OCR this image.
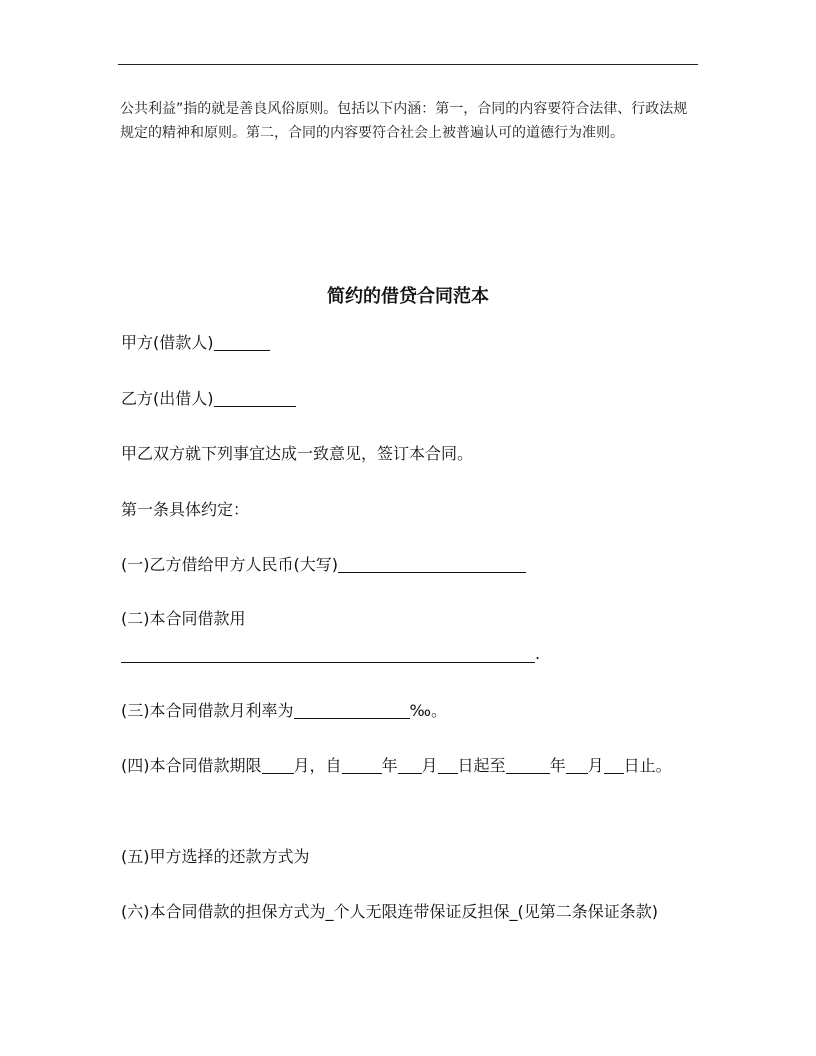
公共利益”指的就是善良风俗原则。包括以下内涵：第一，合同的内容要符合法律、行政法规规定的精神和原则。第二，合同的内容要符合社会上被普遍认可的道德行为准则。

简约的借贷合同范本
甲方(借款人)
乙方(出借人)
甲乙双方就下列事宜达成一致意见，签订本合同。
第一条具体约定：
(一)乙方借给甲方人民币(大写)
(二)本合同借款用
.
(三)本合同借款月利率为	‰。
(四)本合同借款期限 月，自	年 月 日起至	年 月 日止。
(五)甲方选择的还款方式为
(六)本合同借款的担保方式为_个人无限连带保证反担保_(见第二条保证条款)
